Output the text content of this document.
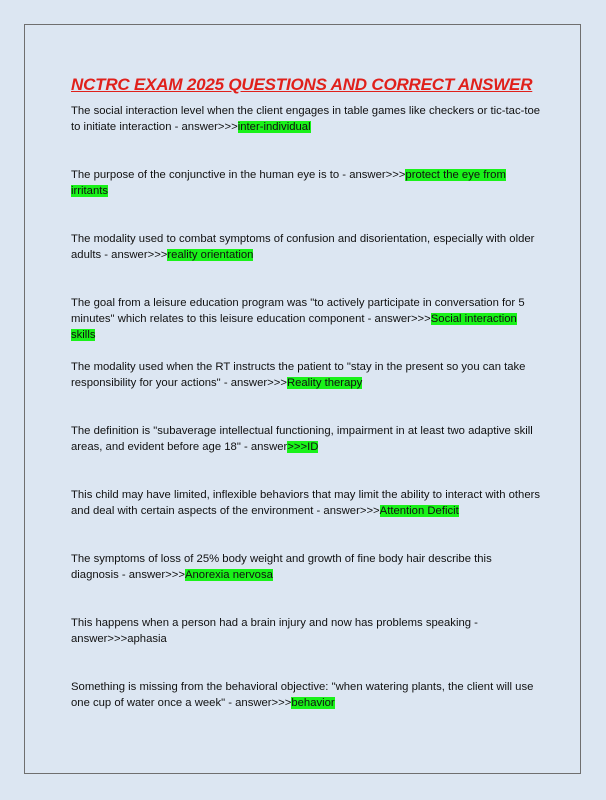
NCTRC EXAM 2025 QUESTIONS AND CORRECT ANSWER
The social interaction level when the client engages in table games like checkers or tic-tac-toe to initiate interaction - answer>>>inter-individual
The purpose of the conjunctive in the human eye is to - answer>>>protect the eye from irritants
The modality used to combat symptoms of confusion and disorientation, especially with older adults - answer>>>reality orientation
The goal from a leisure education program was "to actively participate in conversation for 5 minutes" which relates to this leisure education component - answer>>>Social interaction skills
The modality used when the RT instructs the patient to "stay in the present so you can take responsibility for your actions" - answer>>>Reality therapy
The definition is "subaverage intellectual functioning, impairment in at least two adaptive skill areas, and evident before age 18" - answer>>>ID
This child may have limited, inflexible behaviors that may limit the ability to interact with others and deal with certain aspects of the environment - answer>>>Attention Deficit
The symptoms of loss of 25% body weight and growth of fine body hair describe this diagnosis - answer>>>Anorexia nervosa
This happens when a person had a brain injury and now has problems speaking - answer>>>aphasia
Something is missing from the behavioral objective: "when watering plants, the client will use one cup of water once a week" - answer>>>behavior
